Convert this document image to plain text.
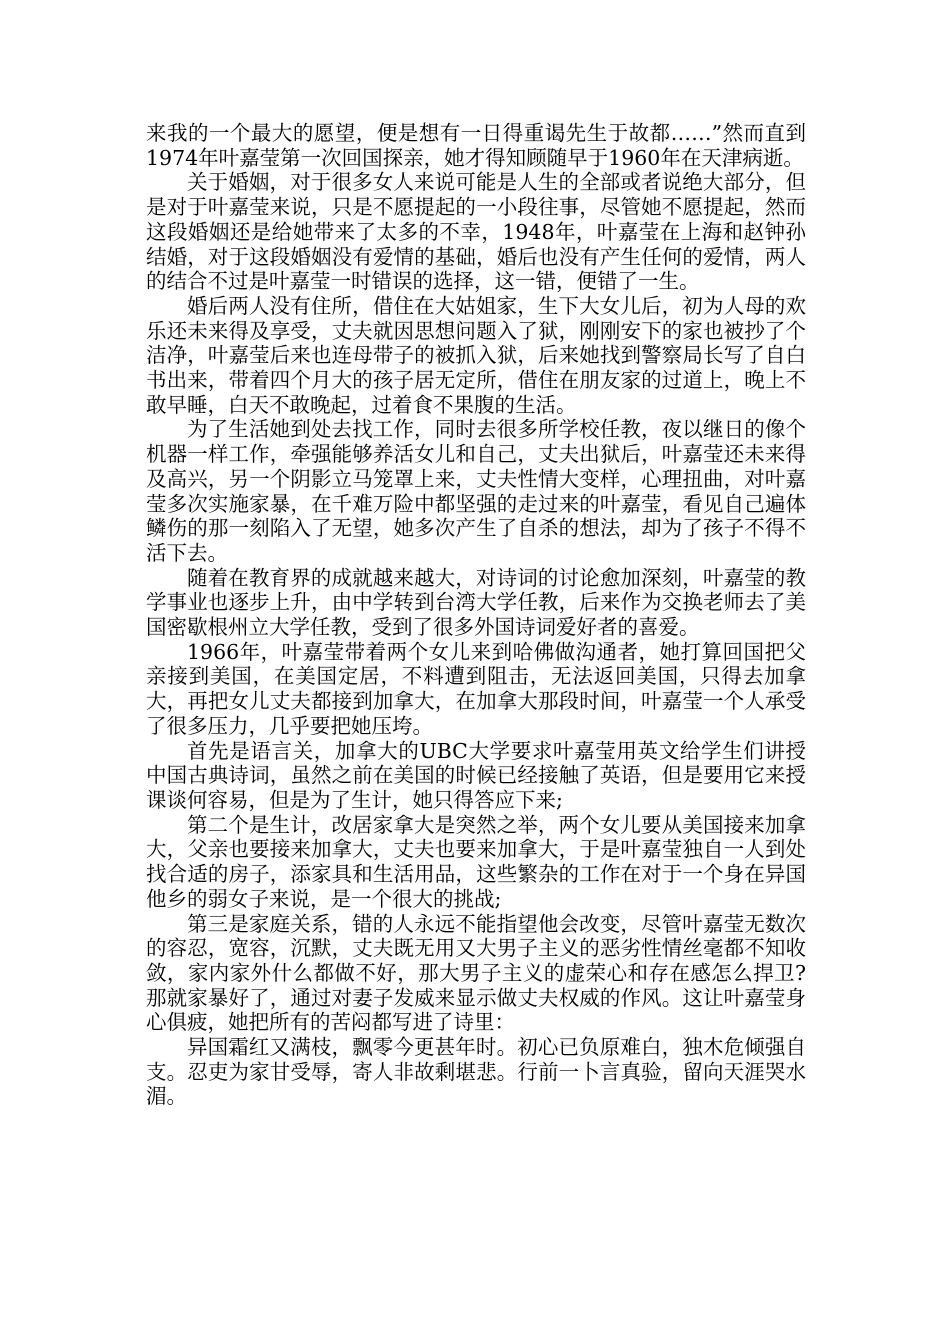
来我的一个最大的愿望，便是想有一日得重谒先生于故都……”然而直到1974年叶嘉莹第一次回国探亲，她才得知顾随早于1960年在天津病逝。

关于婚姻，对于很多女人来说可能是人生的全部或者说绝大部分，但是对于叶嘉莹来说，只是不愿提起的一小段往事，尽管她不愿提起，然而这段婚姻还是给她带来了太多的不幸，1948年，叶嘉莹在上海和赵钟孙结婚，对于这段婚姻没有爱情的基础，婚后也没有产生任何的爱情，两人的结合不过是叶嘉莹一时错误的选择，这一错，便错了一生。

婚后两人没有住所，借住在大姑姐家，生下大女儿后，初为人母的欢乐还未来得及享受，丈夫就因思想问题入了狱，刚刚安下的家也被抄了个洁净，叶嘉莹后来也连母带子的被抓入狱，后来她找到警察局长写了自白书出来，带着四个月大的孩子居无定所，借住在朋友家的过道上，晚上不敢早睡，白天不敢晚起，过着食不果腹的生活。

为了生活她到处去找工作，同时去很多所学校任教，夜以继日的像个机器一样工作，牵强能够养活女儿和自己，丈夫出狱后，叶嘉莹还未来得及高兴，另一个阴影立马笼罩上来，丈夫性情大变样，心理扭曲，对叶嘉莹多次实施家暴，在千难万险中都坚强的走过来的叶嘉莹，看见自己遍体鳞伤的那一刻陷入了无望，她多次产生了自杀的想法，却为了孩子不得不活下去。

随着在教育界的成就越来越大，对诗词的讨论愈加深刻，叶嘉莹的教学事业也逐步上升，由中学转到台湾大学任教，后来作为交换老师去了美国密歇根州立大学任教，受到了很多外国诗词爱好者的喜爱。

1966年，叶嘉莹带着两个女儿来到哈佛做沟通者，她打算回国把父亲接到美国，在美国定居，不料遭到阻击，无法返回美国，只得去加拿大，再把女儿丈夫都接到加拿大，在加拿大那段时间，叶嘉莹一个人承受了很多压力，几乎要把她压垮。

首先是语言关，加拿大的UBC大学要求叶嘉莹用英文给学生们讲授中国古典诗词，虽然之前在美国的时候已经接触了英语，但是要用它来授课谈何容易，但是为了生计，她只得答应下来;

第二个是生计，改居家拿大是突然之举，两个女儿要从美国接来加拿大，父亲也要接来加拿大，丈夫也要来加拿大，于是叶嘉莹独自一人到处找合适的房子，添家具和生活用品，这些繁杂的工作在对于一个身在异国他乡的弱女子来说，是一个很大的挑战;

第三是家庭关系，错的人永远不能指望他会改变，尽管叶嘉莹无数次的容忍，宽容，沉默，丈夫既无用又大男子主义的恶劣性情丝毫都不知收敛，家内家外什么都做不好，那大男子主义的虚荣心和存在感怎么捍卫?那就家暴好了，通过对妻子发威来显示做丈夫权威的作风。这让叶嘉莹身心俱疲，她把所有的苦闷都写进了诗里：

异国霜红又满枝，飘零今更甚年时。初心已负原难白，独木危倾强自支。忍吏为家甘受辱，寄人非故剩堪悲。行前一卜言真验，留向天涯哭水湄。
